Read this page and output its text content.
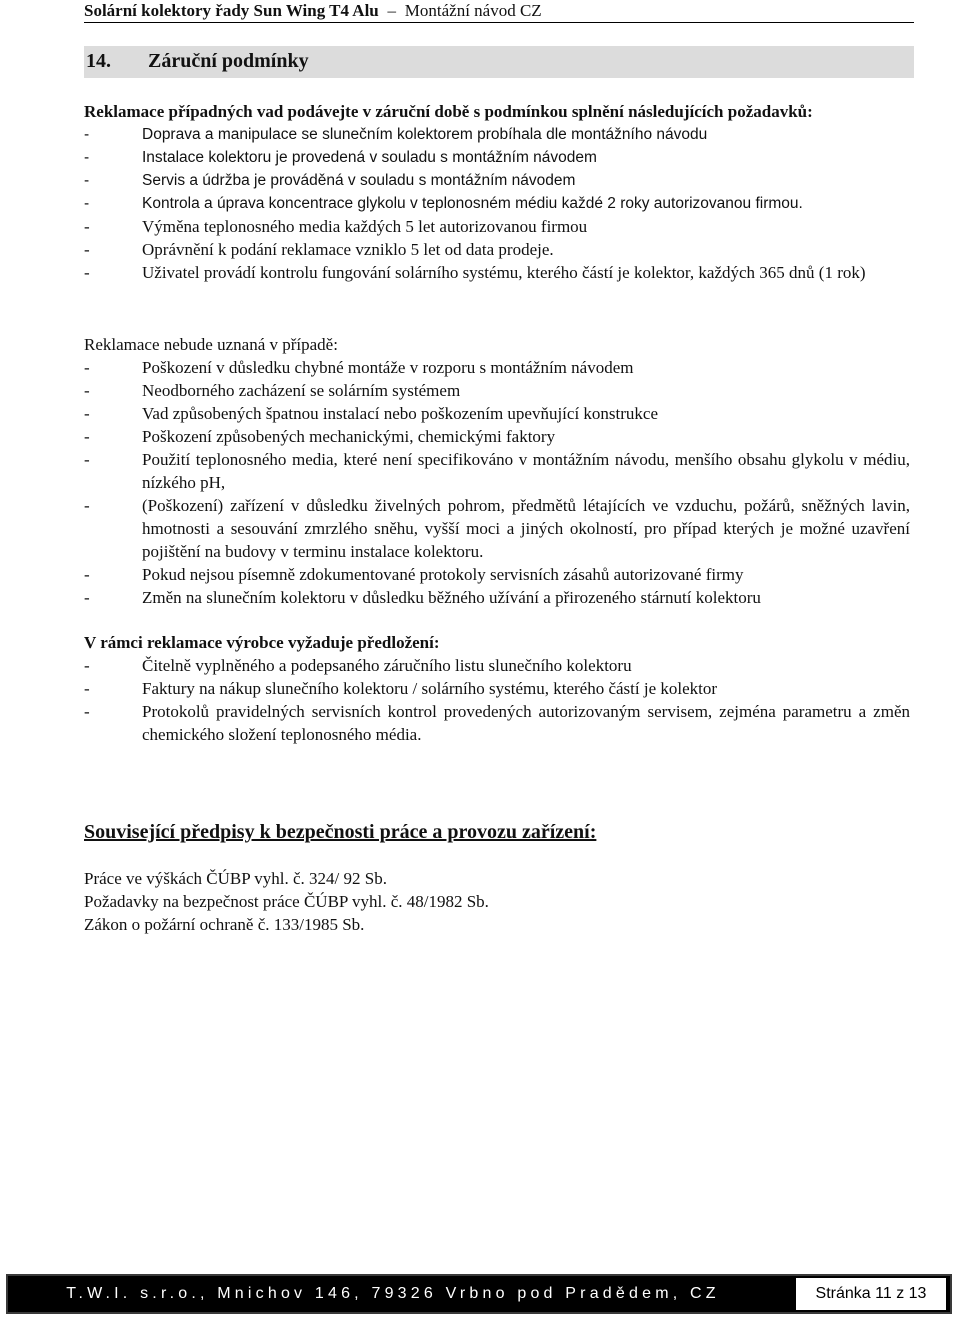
Solární kolektory řady Sun Wing T4 Alu – Montážní návod CZ
14. Záruční podmínky

Reklamace případných vad podávejte v záruční době s podmínkou splnění následujících požadavků:

-	Doprava a manipulace se slunečním kolektorem probíhala dle montážního návodu
-	Instalace kolektoru je provedená v souladu s montážním návodem
-	Servis a údržba je prováděná v souladu s montážním návodem
-	Kontrola a úprava koncentrace glykolu v teplonosném médiu každé 2 roky autorizovanou firmou.
-	Výměna teplonosného media každých 5 let autorizovanou firmou
-	Oprávnění k podání reklamace vzniklo 5 let od data prodeje.
-	Uživatel provádí kontrolu fungování solárního systému, kterého částí je kolektor, každých 365 dnů (1 rok)

Reklamace nebude uznaná v případě:

-	Poškození v důsledku chybné montáže v rozporu s montážním návodem
-	Neodborného zacházení se solárním systémem
-	Vad způsobených špatnou instalací nebo poškozením upevňující konstrukce
-	Poškození způsobených mechanickými, chemickými faktory
-	Použití teplonosného media, které není specifikováno v montážním návodu, menšího obsahu glykolu v médiu, nízkého pH,
-	(Poškození) zařízení v důsledku živelných pohrom, předmětů létajících ve vzduchu, požárů, sněžných lavin, hmotnosti a sesouvání zmrzlého sněhu, vyšší moci a jiných okolností, pro případ kterých je možné uzavření pojištění na budovy v terminu instalace kolektoru.
-	Pokud nejsou písemně zdokumentované protokoly servisních zásahů autorizované firmy
-	Změn na slunečním kolektoru v důsledku běžného užívání a přirozeného stárnutí kolektoru

V rámci reklamace výrobce vyžaduje předložení:

-	Čitelně vyplněného a podepsaného záručního listu slunečního kolektoru
-	Faktury na nákup slunečního kolektoru / solárního systému, kterého částí je kolektor
-	Protokolů pravidelných servisních kontrol provedených autorizovaným servisem, zejména parametru a změn chemického složení teplonosného média.
Související předpisy k bezpečnosti práce a provozu zařízení:
Práce ve výškách ČÚBP vyhl. č. 324/ 92 Sb.
Požadavky na bezpečnost práce ČÚBP vyhl. č. 48/1982 Sb.
Zákon o požární ochraně č. 133/1985 Sb.
T.W.I. s.r.o., Mnichov 146, 79326 Vrbno pod Pradědem, CZ	Stránka 11 z 13
